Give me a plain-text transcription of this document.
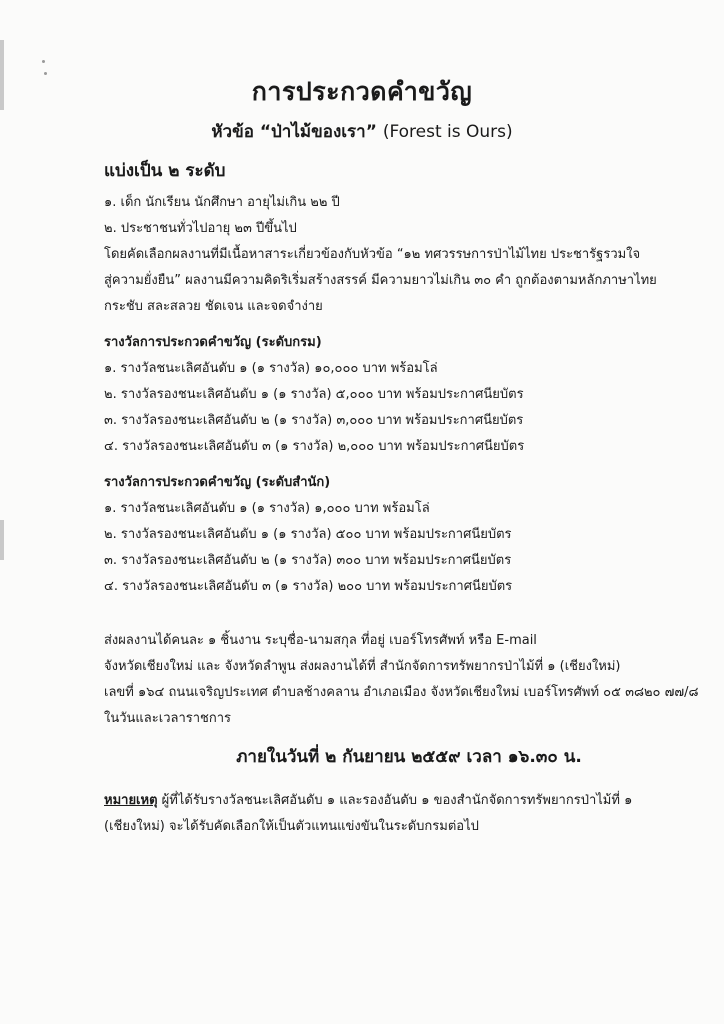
การประกวดคำขวัญ
หัวข้อ “ป่าไม้ของเรา” (Forest is Ours)
แบ่งเป็น ๒ ระดับ
๑. เด็ก นักเรียน นักศึกษา อายุไม่เกิน ๒๒ ปี
๒. ประชาชนทั่วไปอายุ ๒๓ ปีขึ้นไป
โดยคัดเลือกผลงานที่มีเนื้อหาสาระเกี่ยวข้องกับหัวข้อ “๑๒ ทศวรรษการป่าไม้ไทย ประชารัฐรวมใจ
สู่ความยั่งยืน” ผลงานมีความคิดริเริ่มสร้างสรรค์ มีความยาวไม่เกิน ๓๐ คำ ถูกต้องตามหลักภาษาไทย
กระชับ สละสลวย ชัดเจน และจดจำง่าย
รางวัลการประกวดคำขวัญ (ระดับกรม)
๑. รางวัลชนะเลิศอันดับ ๑ (๑ รางวัล) ๑๐,๐๐๐ บาท พร้อมโล่
๒. รางวัลรองชนะเลิศอันดับ ๑ (๑ รางวัล) ๕,๐๐๐ บาท พร้อมประกาศนียบัตร
๓. รางวัลรองชนะเลิศอันดับ ๒ (๑ รางวัล) ๓,๐๐๐ บาท พร้อมประกาศนียบัตร
๔. รางวัลรองชนะเลิศอันดับ ๓ (๑ รางวัล) ๒,๐๐๐ บาท พร้อมประกาศนียบัตร
รางวัลการประกวดคำขวัญ (ระดับสำนัก)
๑. รางวัลชนะเลิศอันดับ ๑ (๑ รางวัล) ๑,๐๐๐ บาท พร้อมโล่
๒. รางวัลรองชนะเลิศอันดับ ๑ (๑ รางวัล) ๕๐๐ บาท พร้อมประกาศนียบัตร
๓. รางวัลรองชนะเลิศอันดับ ๒ (๑ รางวัล) ๓๐๐ บาท พร้อมประกาศนียบัตร
๔. รางวัลรองชนะเลิศอันดับ ๓ (๑ รางวัล) ๒๐๐ บาท พร้อมประกาศนียบัตร
ส่งผลงานได้คนละ ๑ ชิ้นงาน ระบุชื่อ-นามสกุล ที่อยู่ เบอร์โทรศัพท์ หรือ E-mail
จังหวัดเชียงใหม่ และ จังหวัดลำพูน ส่งผลงานได้ที่ สำนักจัดการทรัพยากรป่าไม้ที่ ๑ (เชียงใหม่)
เลขที่ ๑๖๔ ถนนเจริญประเทศ ตำบลช้างคลาน อำเภอเมือง จังหวัดเชียงใหม่ เบอร์โทรศัพท์ ๐๕ ๓๘๒๐ ๗๗/๘
ในวันและเวลาราชการ
ภายในวันที่ ๒ กันยายน ๒๕๕๙ เวลา ๑๖.๓๐ น.
หมายเหตุ ผู้ที่ได้รับรางวัลชนะเลิศอันดับ ๑ และรองอันดับ ๑ ของสำนักจัดการทรัพยากรป่าไม้ที่ ๑
(เชียงใหม่) จะได้รับคัดเลือกให้เป็นตัวแทนแข่งขันในระดับกรมต่อไป
